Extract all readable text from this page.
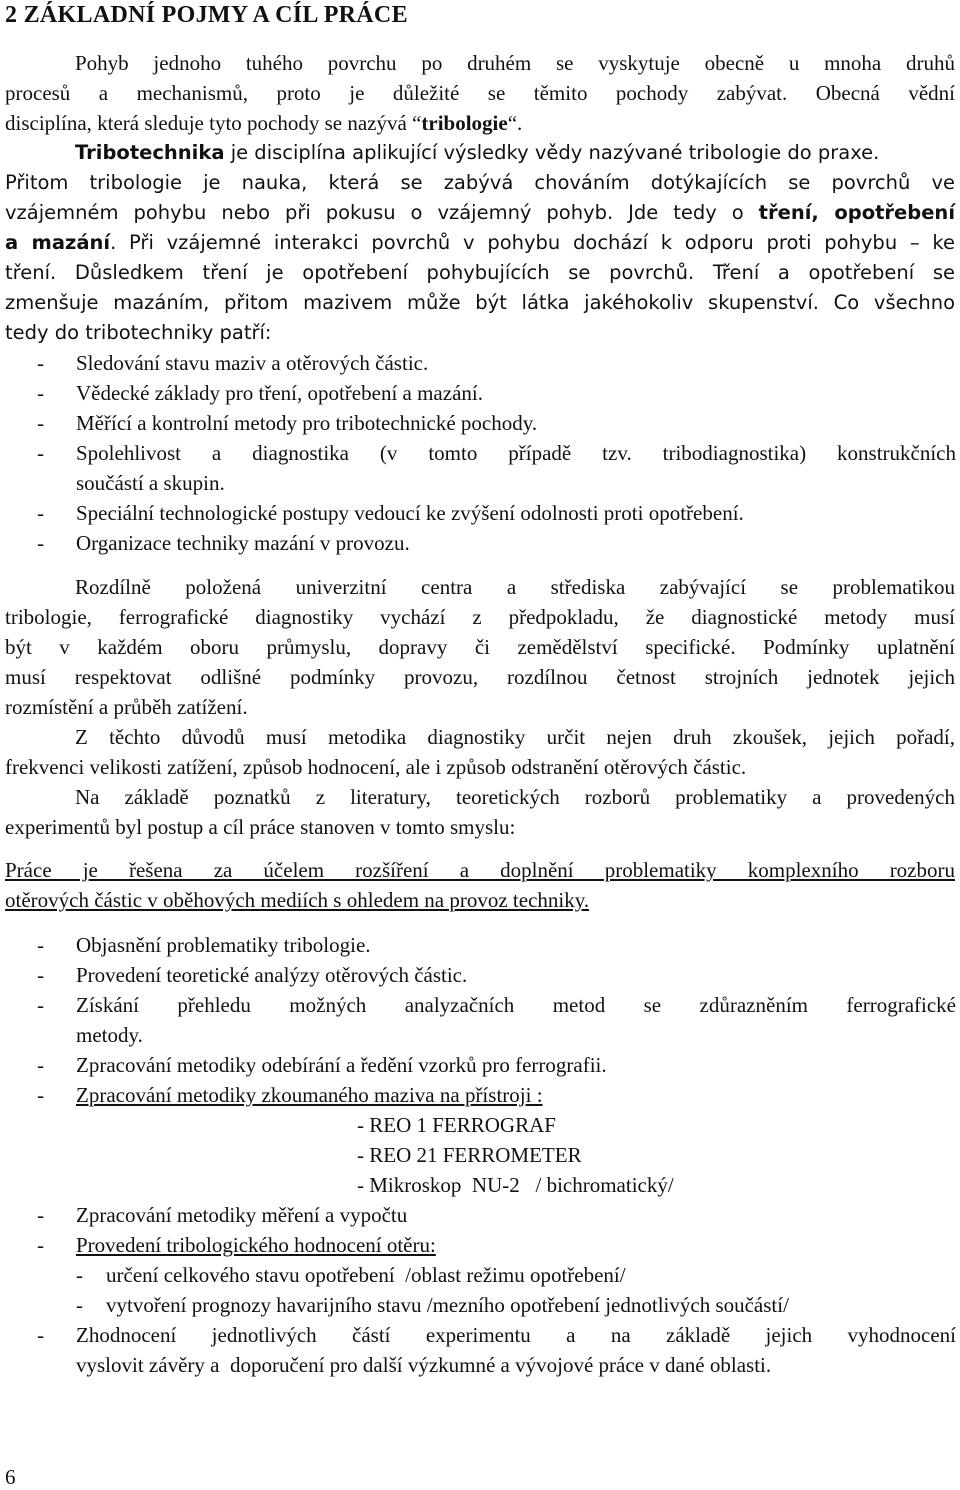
2 ZÁKLADNÍ POJMY A CÍL PRÁCE

Pohyb jednoho tuhého povrchu po druhém se vyskytuje obecně u mnoha druhů

procesů a mechanismů, proto je důležité se těmito pochody zabývat. Obecná vědní

disciplína, která sleduje tyto pochody se nazývá “tribologie“.

Tribotechnika je disciplína aplikující výsledky vědy nazývané tribologie do praxe.

Přitom tribologie je nauka, která se zabývá chováním dotýkajících se povrchů ve

vzájemném pohybu nebo při pokusu o vzájemný pohyb. Jde tedy o tření, opotřebení

a mazání. Při vzájemné interakci povrchů v pohybu dochází k odporu proti pohybu – ke

tření. Důsledkem tření je opotřebení pohybujících se povrchů. Tření a opotřebení se

zmenšuje mazáním, přitom mazivem může být látka jakéhokoliv skupenství. Co všechno

tedy do tribotechniky patří:

- Sledování stavu maziv a otěrových částic.
- Vědecké základy pro tření, opotřebení a mazání.
- Měřící a kontrolní metody pro tribotechnické pochody.
- Spolehlivost a diagnostika (v tomto případě tzv. tribodiagnostika) konstrukčních
součástí a skupin.
- Speciální technologické postupy vedoucí ke zvýšení odolnosti proti opotřebení.
- Organizace techniky mazání v provozu.

Rozdílně položená univerzitní centra a střediska zabývající se problematikou

tribologie, ferrografické diagnostiky vychází z předpokladu, že diagnostické metody musí

být v každém oboru průmyslu, dopravy či zemědělství specifické. Podmínky uplatnění

musí respektovat odlišné podmínky provozu, rozdílnou četnost strojních jednotek jejich

rozmístění a průběh zatížení.

Z těchto důvodů musí metodika diagnostiky určit nejen druh zkoušek, jejich pořadí,

frekvenci velikosti zatížení, způsob hodnocení, ale i způsob odstranění otěrových částic.

Na základě poznatků z literatury, teoretických rozborů problematiky a provedených

experimentů byl postup a cíl práce stanoven v tomto smyslu:

Práce je řešena za účelem rozšíření a doplnění problematiky komplexního rozboru

otěrových částic v oběhových mediích s ohledem na provoz techniky.

- Objasnění problematiky tribologie.
- Provedení teoretické analýzy otěrových částic.
- Získání přehledu možných analyzačních metod se zdůrazněním ferrografické
metody.
- Zpracování metodiky odebírání a ředění vzorků pro ferrografii.
- Zpracování metodiky zkoumaného maziva na přístroji :
- REO 1 FERROGRAF
- REO 21 FERROMETER
- Mikroskop  NU-2   / bichromatický/
- Zpracování metodiky měření a vypočtu
- Provedení tribologického hodnocení otěru:
- určení celkového stavu opotřebení  /oblast režimu opotřebení/
- vytvoření prognozy havarijního stavu /mezního opotřebení jednotlivých součástí/
- Zhodnocení jednotlivých částí experimentu a na základě jejich vyhodnocení
vyslovit závěry a  doporučení pro další výzkumné a vývojové práce v dané oblasti.
6
